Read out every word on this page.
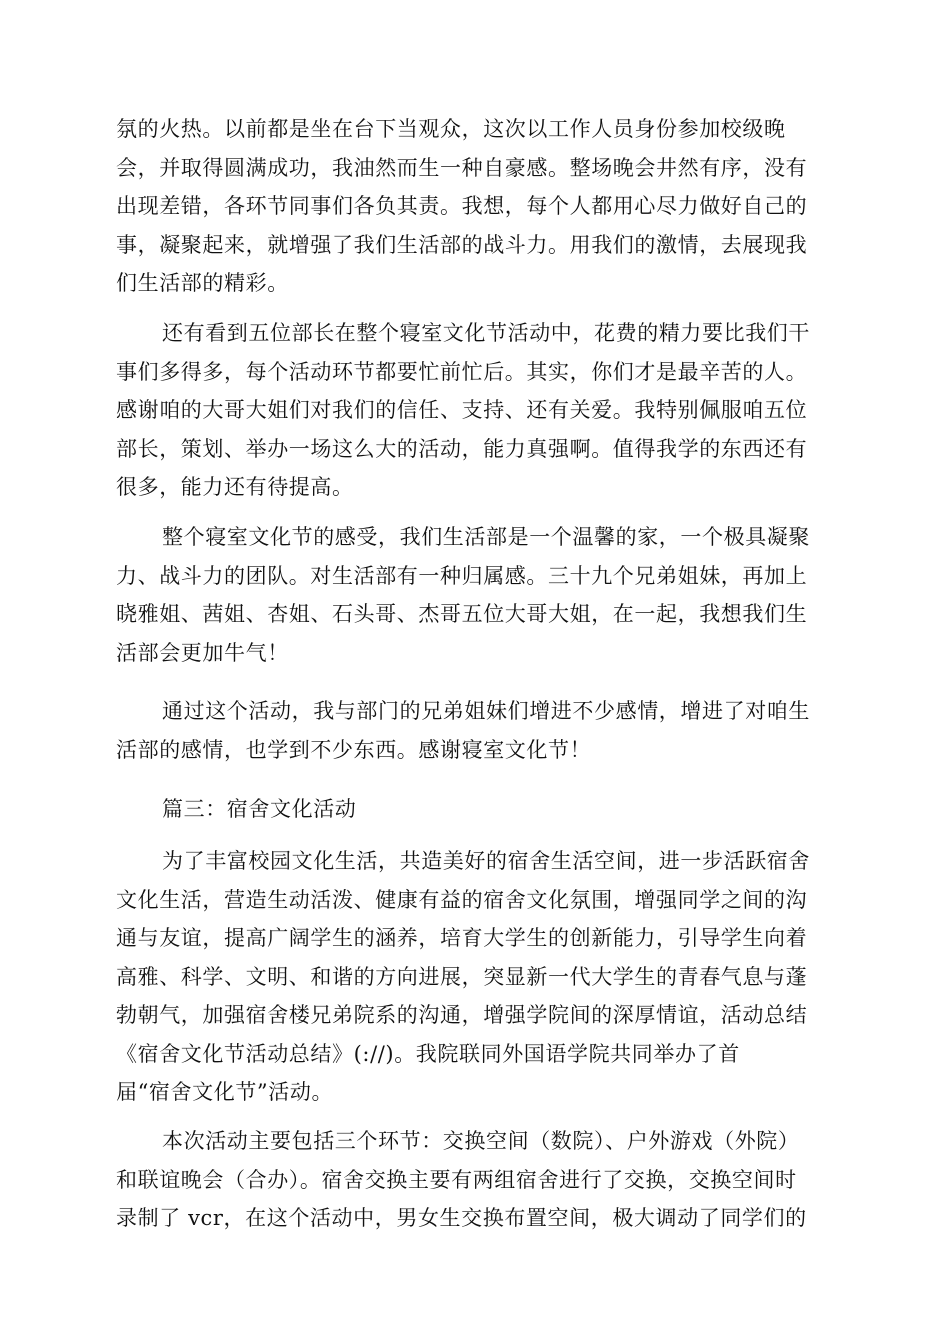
氛的火热。以前都是坐在台下当观众，这次以工作人员身份参加校级晚
会，并取得圆满成功，我油然而生一种自豪感。整场晚会井然有序，没有
出现差错，各环节同事们各负其责。我想，每个人都用心尽力做好自己的
事，凝聚起来，就增强了我们生活部的战斗力。用我们的激情，去展现我
们生活部的精彩。
还有看到五位部长在整个寝室文化节活动中，花费的精力要比我们干
事们多得多，每个活动环节都要忙前忙后。其实，你们才是最辛苦的人。
感谢咱的大哥大姐们对我们的信任、支持、还有关爱。我特别佩服咱五位
部长，策划、举办一场这么大的活动，能力真强啊。值得我学的东西还有
很多，能力还有待提高。
整个寝室文化节的感受，我们生活部是一个温馨的家，一个极具凝聚
力、战斗力的团队。对生活部有一种归属感。三十九个兄弟姐妹，再加上
晓雅姐、茜姐、杏姐、石头哥、杰哥五位大哥大姐，在一起，我想我们生
活部会更加牛气！
通过这个活动，我与部门的兄弟姐妹们增进不少感情，增进了对咱生
活部的感情，也学到不少东西。感谢寝室文化节！
篇三：宿舍文化活动
为了丰富校园文化生活，共造美好的宿舍生活空间，进一步活跃宿舍
文化生活，营造生动活泼、健康有益的宿舍文化氛围，增强同学之间的沟
通与友谊，提高广阔学生的涵养，培育大学生的创新能力，引导学生向着
高雅、科学、文明、和谐的方向进展，突显新一代大学生的青春气息与蓬
勃朝气，加强宿舍楼兄弟院系的沟通，增强学院间的深厚情谊，活动总结
《宿舍文化节活动总结》(://)。我院联同外国语学院共同举办了首
届“宿舍文化节”活动。
本次活动主要包括三个环节：交换空间（数院）、户外游戏（外院）
和联谊晚会（合办）。宿舍交换主要有两组宿舍进行了交换，交换空间时
录制了 vcr，在这个活动中，男女生交换布置空间，极大调动了同学们的
